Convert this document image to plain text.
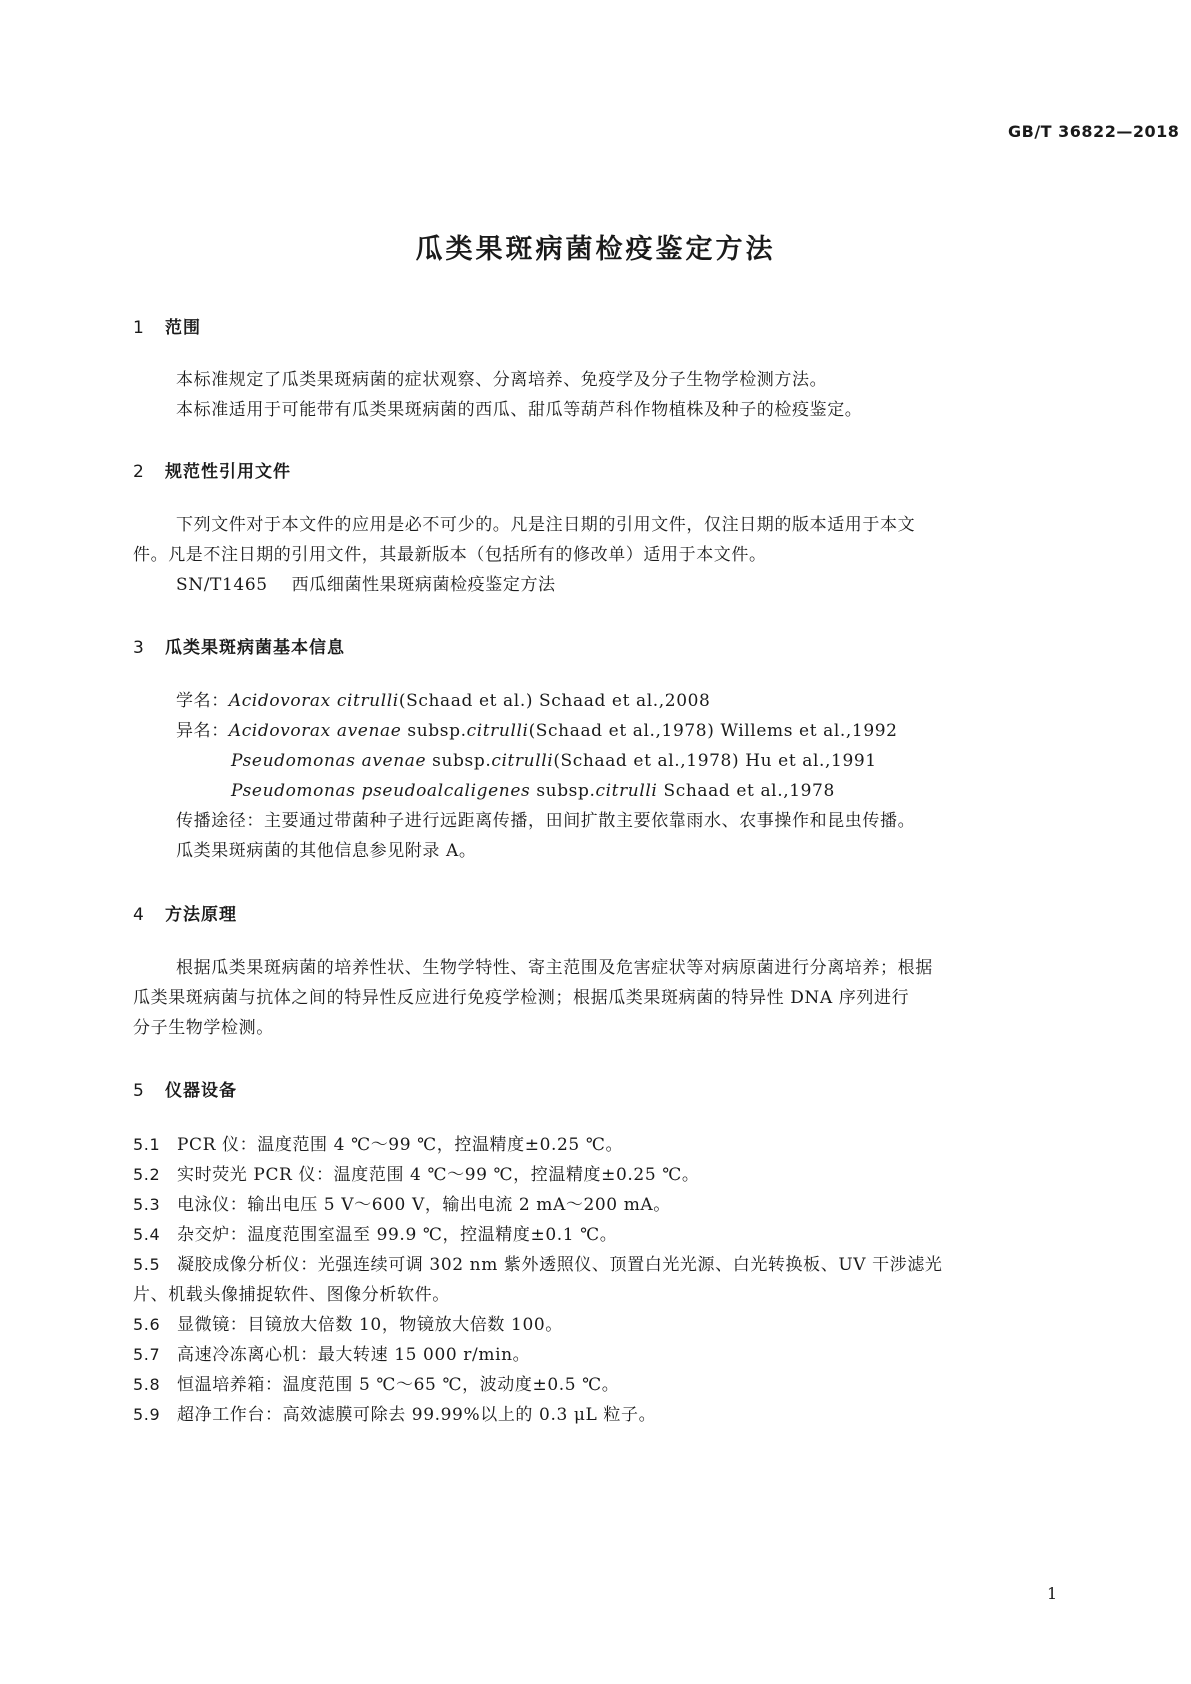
GB/T 36822—2018
瓜类果斑病菌检疫鉴定方法
1 范围
本标准规定了瓜类果斑病菌的症状观察、分离培养、免疫学及分子生物学检测方法。
本标准适用于可能带有瓜类果斑病菌的西瓜、甜瓜等葫芦科作物植株及种子的检疫鉴定。
2 规范性引用文件
下列文件对于本文件的应用是必不可少的。凡是注日期的引用文件，仅注日期的版本适用于本文
件。凡是不注日期的引用文件，其最新版本（包括所有的修改单）适用于本文件。
SN/T1465 西瓜细菌性果斑病菌检疫鉴定方法
3 瓜类果斑病菌基本信息
学名：Acidovorax citrulli(Schaad et al.) Schaad et al.,2008
异名：Acidovorax avenae subsp.citrulli(Schaad et al.,1978) Willems et al.,1992
Pseudomonas avenae subsp.citrulli(Schaad et al.,1978) Hu et al.,1991
Pseudomonas pseudoalcaligenes subsp.citrulli Schaad et al.,1978
传播途径：主要通过带菌种子进行远距离传播，田间扩散主要依靠雨水、农事操作和昆虫传播。
瓜类果斑病菌的其他信息参见附录 A。
4 方法原理
根据瓜类果斑病菌的培养性状、生物学特性、寄主范围及危害症状等对病原菌进行分离培养；根据
瓜类果斑病菌与抗体之间的特异性反应进行免疫学检测；根据瓜类果斑病菌的特异性 DNA 序列进行
分子生物学检测。
5 仪器设备
5.1 PCR 仪：温度范围 4 ℃～99 ℃，控温精度±0.25 ℃。
5.2 实时荧光 PCR 仪：温度范围 4 ℃～99 ℃，控温精度±0.25 ℃。
5.3 电泳仪：输出电压 5 V～600 V，输出电流 2 mA～200 mA。
5.4 杂交炉：温度范围室温至 99.9 ℃，控温精度±0.1 ℃。
5.5 凝胶成像分析仪：光强连续可调 302 nm 紫外透照仪、顶置白光光源、白光转换板、UV 干涉滤光
片、机载头像捕捉软件、图像分析软件。
5.6 显微镜：目镜放大倍数 10，物镜放大倍数 100。
5.7 高速冷冻离心机：最大转速 15 000 r/min。
5.8 恒温培养箱：温度范围 5 ℃～65 ℃，波动度±0.5 ℃。
5.9 超净工作台：高效滤膜可除去 99.99%以上的 0.3 μL 粒子。
1
